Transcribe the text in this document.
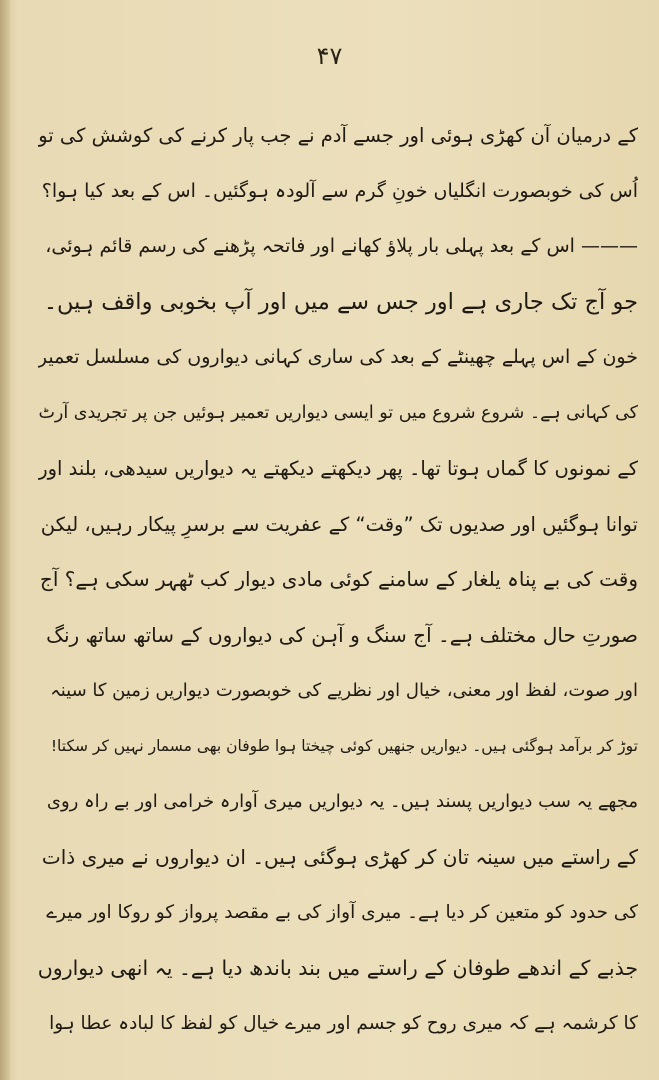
۴۷
کے درمیان آن کھڑی ہوئی اور جسے آدم نے جب پار کرنے کی کوشش کی تو
اُس کی خوبصورت انگلیاں خونِ گرم سے آلودہ ہوگئیں۔ اس کے بعد کیا ہوا؟
——— اس کے بعد پہلی بار پلاؤ کھانے اور فاتحہ پڑھنے کی رسم قائم ہوئی،
جو آج تک جاری ہے اور جس سے میں اور آپ بخوبی واقف ہیں۔
خون کے اس پہلے چھینٹے کے بعد کی ساری کہانی دیواروں کی مسلسل تعمیر
کی کہانی ہے۔ شروع شروع میں تو ایسی دیواریں تعمیر ہوئیں جن پر تجریدی آرٹ
کے نمونوں کا گماں ہوتا تھا۔ پھر دیکھتے دیکھتے یہ دیواریں سیدھی، بلند اور
توانا ہوگئیں اور صدیوں تک ”وقت“ کے عفریت سے برسرِ پیکار رہیں، لیکن
وقت کی بے پناہ یلغار کے سامنے کوئی مادی دیوار کب ٹھہر سکی ہے؟ آج
صورتِ حال مختلف ہے۔ آج سنگ و آہن کی دیواروں کے ساتھ ساتھ رنگ
اور صوت، لفظ اور معنی، خیال اور نظریے کی خوبصورت دیواریں زمین کا سینہ
توڑ کر برآمد ہوگئی ہیں۔ دیواریں جنھیں کوئی چیختا ہوا طوفان بھی مسمار نہیں کر سکتا!
مجھے یہ سب دیواریں پسند ہیں۔ یہ دیواریں میری آوارہ خرامی اور بے راہ روی
کے راستے میں سینہ تان کر کھڑی ہوگئی ہیں۔ ان دیواروں نے میری ذات
کی حدود کو متعین کر دیا ہے۔ میری آواز کی بے مقصد پرواز کو روکا اور میرے
جذبے کے اندھے طوفان کے راستے میں بند باندھ دیا ہے۔ یہ انھی دیواروں
کا کرشمہ ہے کہ میری روح کو جسم اور میرے خیال کو لفظ کا لبادہ عطا ہوا
